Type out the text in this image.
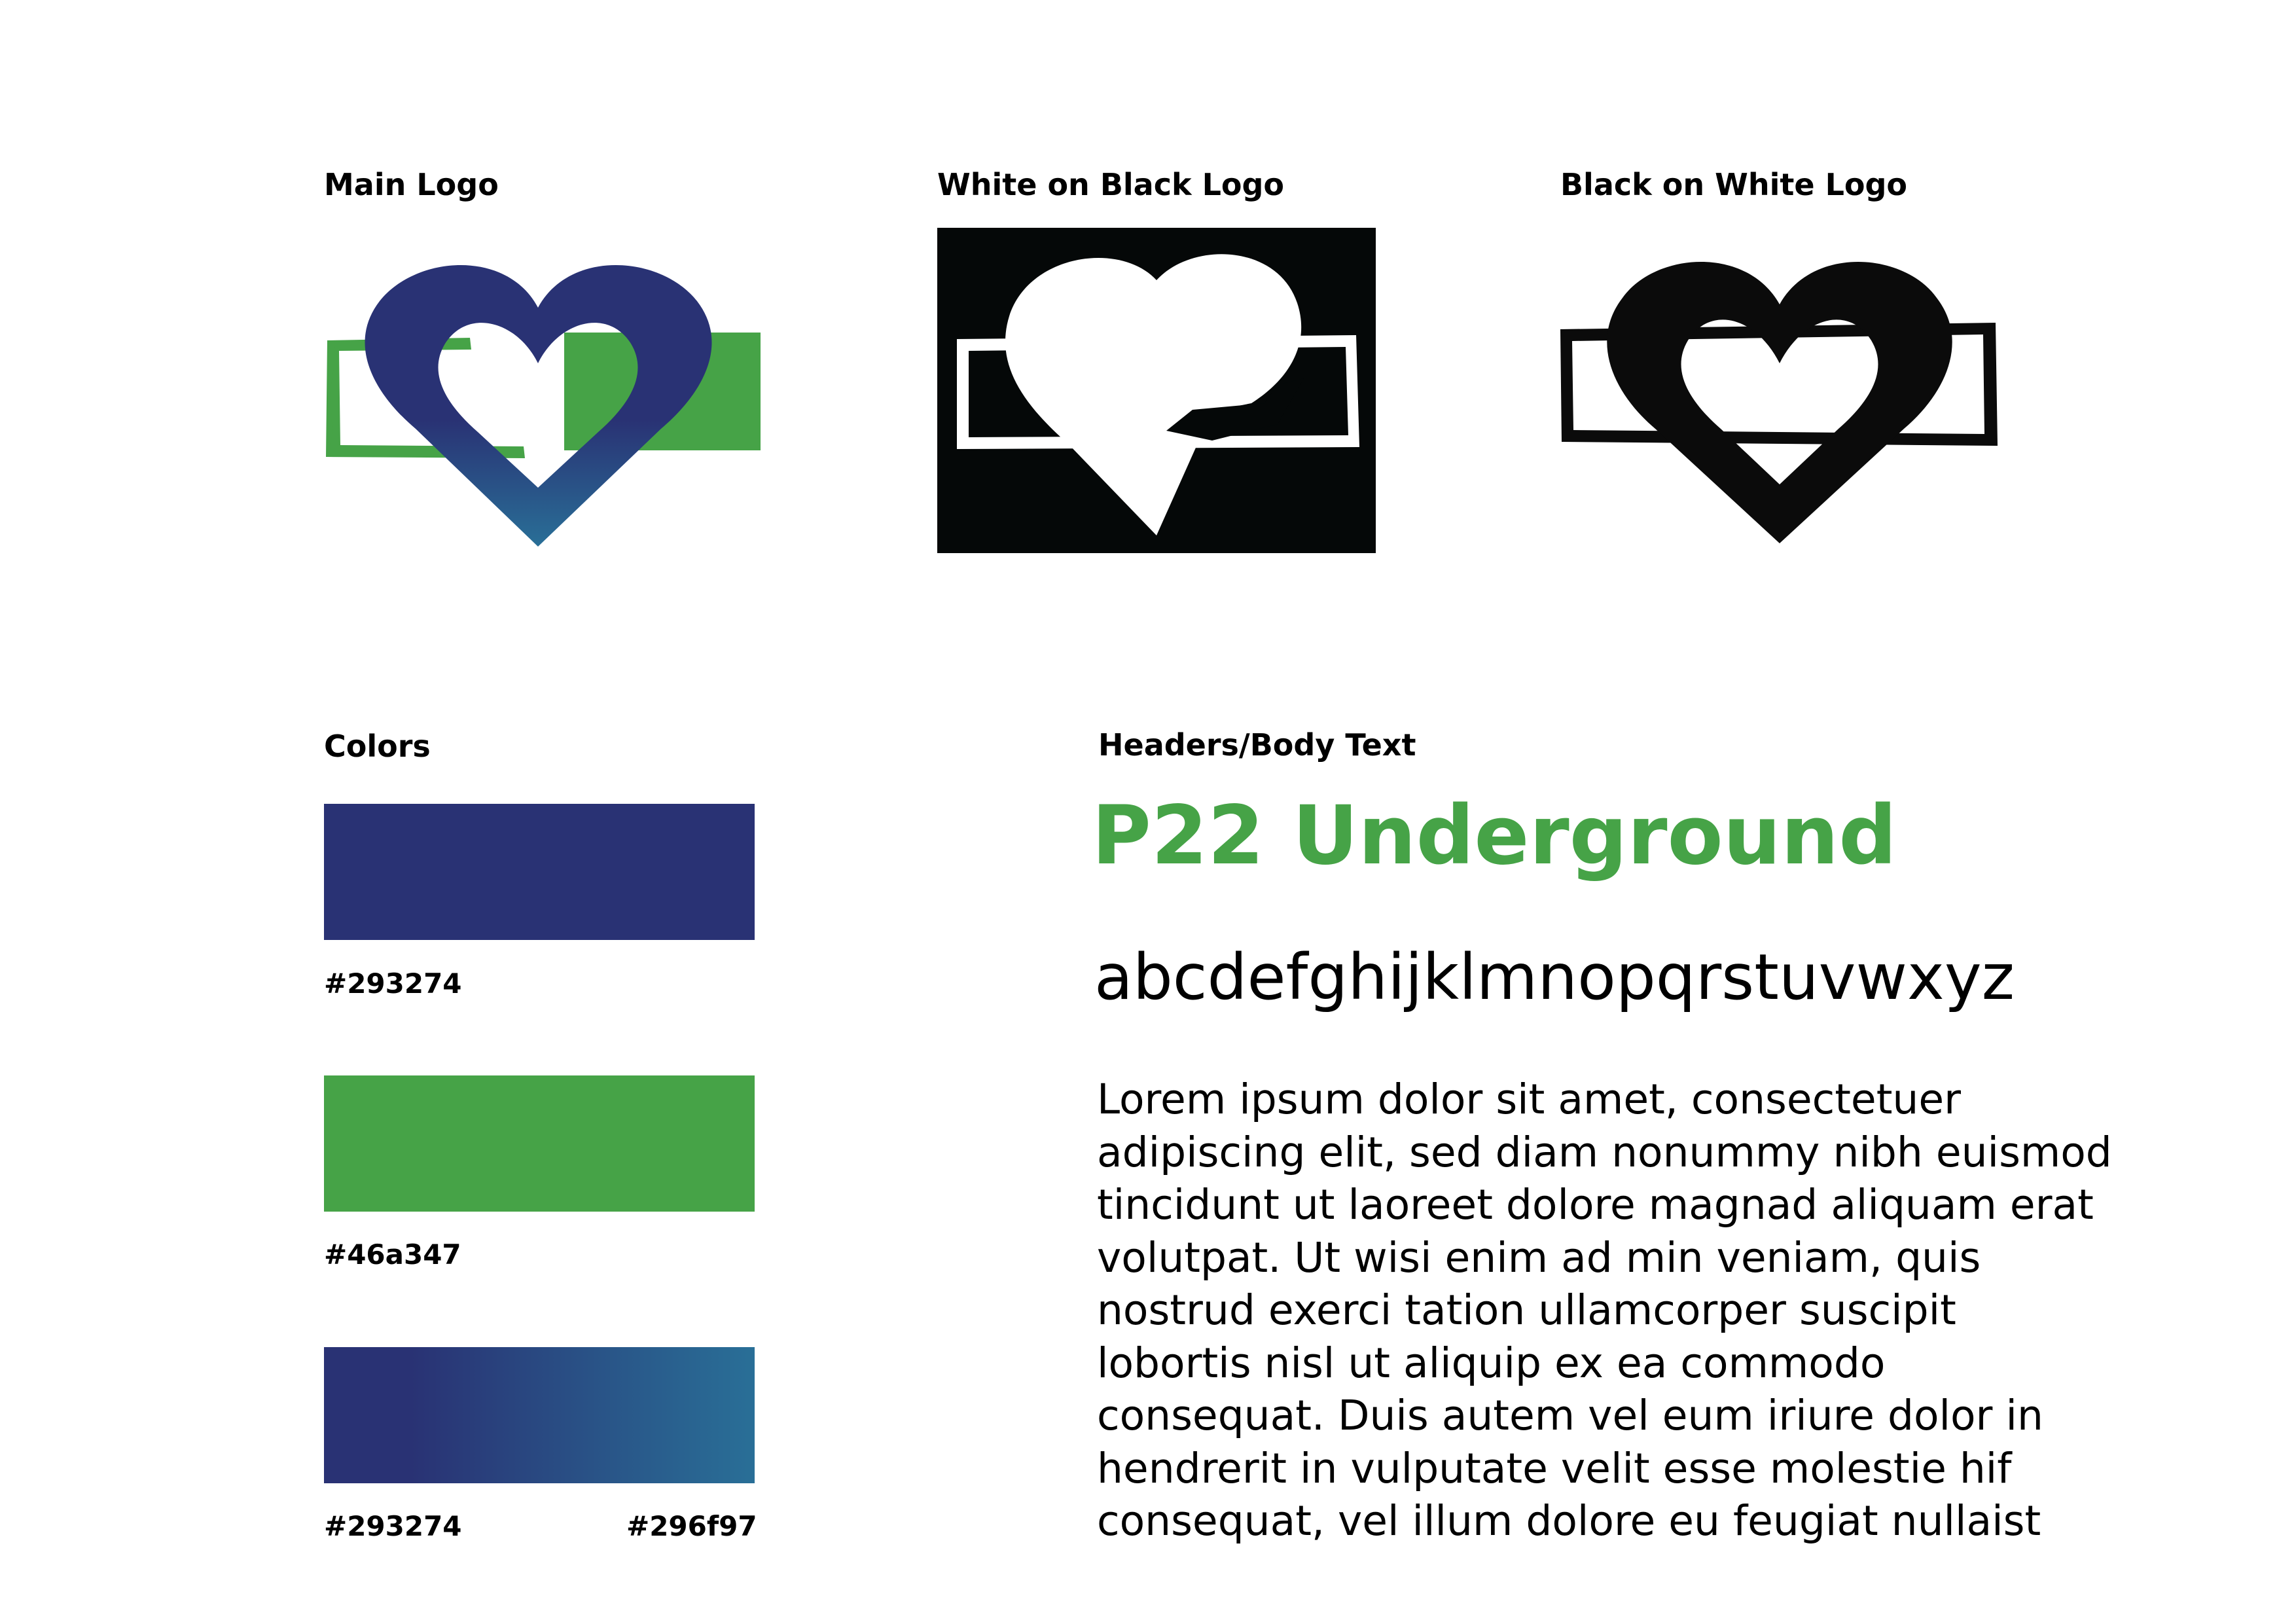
Main Logo	White on Black Logo	Black on White Logo
Colors
#293274
#46a347
#293274	#296f97
Headers/Body Text
P22 Underground
abcdefghijklmnopqrstuvwxyz

Lorem ipsum dolor sit amet, consectetuer adipiscing elit, sed diam nonummy nibh euismod tincidunt ut laoreet dolore magnad aliquam erat volutpat. Ut wisi enim ad min veniam, quis nostrud exerci tation ullamcorper suscipit lobortis nisl ut aliquip ex ea commodo consequat. Duis autem vel eum iriure dolor in hendrerit in vulputate velit esse molestie hif consequat, vel illum dolore eu feugiat nullaist
